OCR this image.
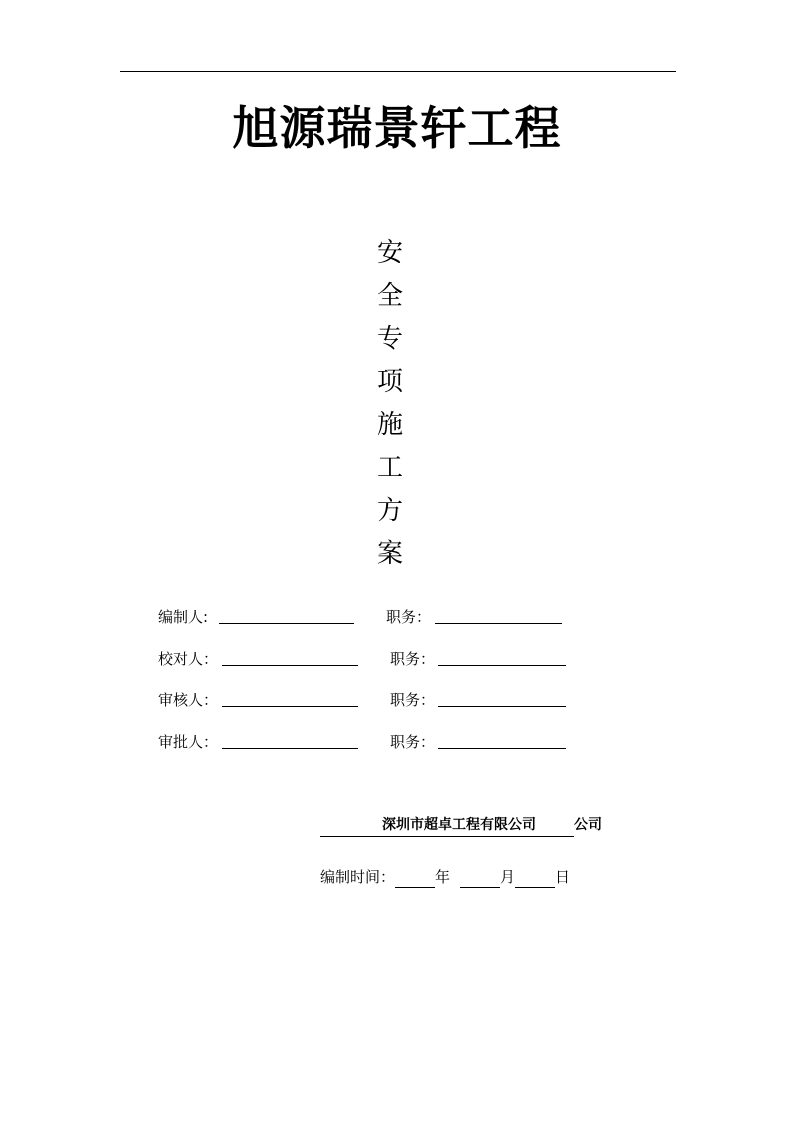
旭源瑞景轩工程
安
全
专
项
施
工
方
案
编制人:	职务：
校对人：	职务：
审核人：	职务：
审批人：	职务：
深圳市超卓工程有限公司	公司
编制时间：	年	月	日
